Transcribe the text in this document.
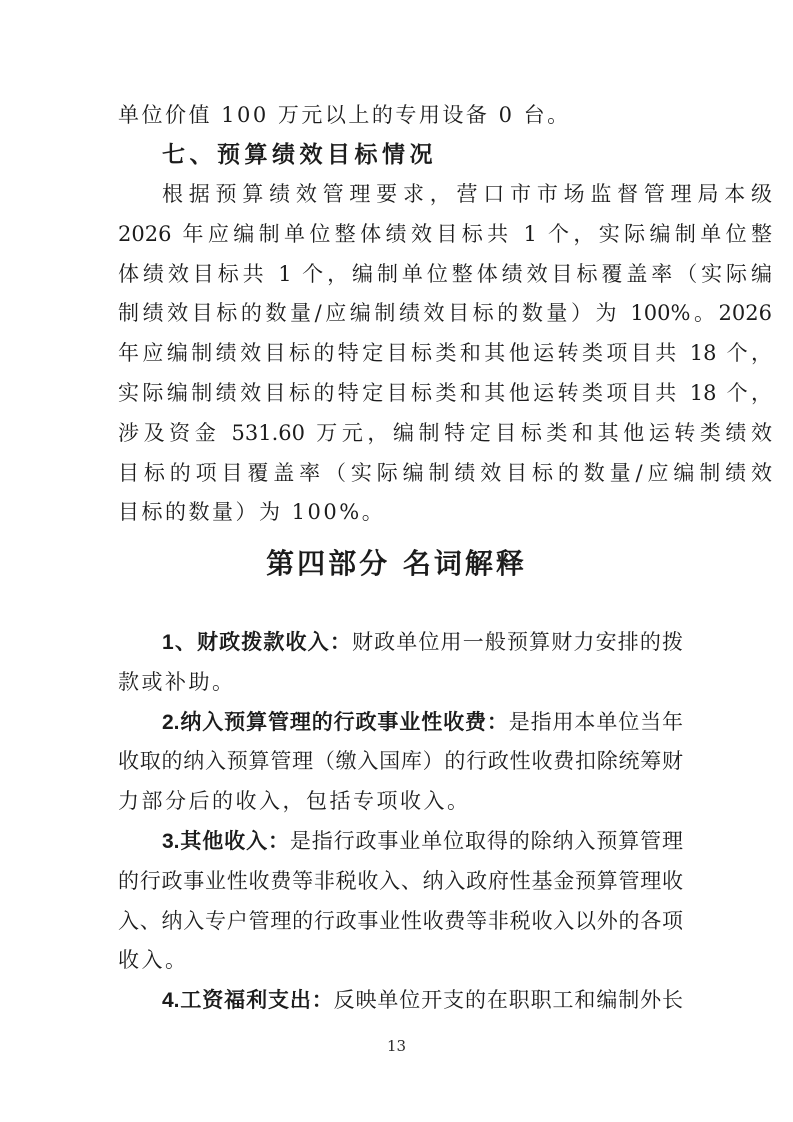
单位价值 100 万元以上的专用设备 0 台。
七、预算绩效目标情况
根据预算绩效管理要求，营口市市场监督管理局本级
2026 年应编制单位整体绩效目标共 1 个，实际编制单位整
体绩效目标共 1 个，编制单位整体绩效目标覆盖率（实际编
制绩效目标的数量/应编制绩效目标的数量）为 100%。2026
年应编制绩效目标的特定目标类和其他运转类项目共 18 个，
实际编制绩效目标的特定目标类和其他运转类项目共 18 个，
涉及资金 531.60 万元，编制特定目标类和其他运转类绩效
目标的项目覆盖率（实际编制绩效目标的数量/应编制绩效
目标的数量）为 100%。
第四部分 名词解释
1、财政拨款收入：财政单位用一般预算财力安排的拨
款或补助。
2.纳入预算管理的行政事业性收费：是指用本单位当年
收取的纳入预算管理（缴入国库）的行政性收费扣除统筹财
力部分后的收入，包括专项收入。
3.其他收入：是指行政事业单位取得的除纳入预算管理
的行政事业性收费等非税收入、纳入政府性基金预算管理收
入、纳入专户管理的行政事业性收费等非税收入以外的各项
收入。
4.工资福利支出：反映单位开支的在职职工和编制外长
13
